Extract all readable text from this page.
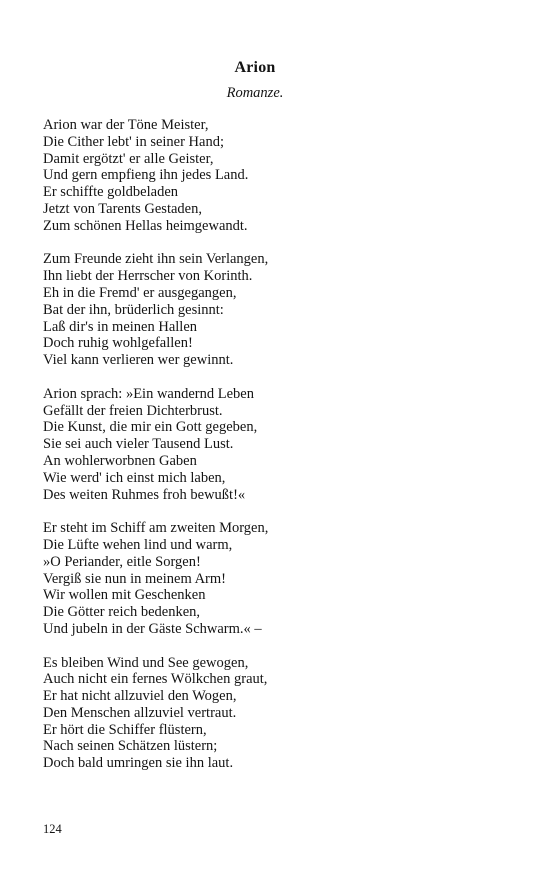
Arion
Romanze.
Arion war der Töne Meister,
Die Cither lebt' in seiner Hand;
Damit ergötzt' er alle Geister,
Und gern empfieng ihn jedes Land.
Er schiffte goldbeladen
Jetzt von Tarents Gestaden,
Zum schönen Hellas heimgewandt.
Zum Freunde zieht ihn sein Verlangen,
Ihn liebt der Herrscher von Korinth.
Eh in die Fremd' er ausgegangen,
Bat der ihn, brüderlich gesinnt:
Laß dir's in meinen Hallen
Doch ruhig wohlgefallen!
Viel kann verlieren wer gewinnt.
Arion sprach: »Ein wandernd Leben
Gefällt der freien Dichterbrust.
Die Kunst, die mir ein Gott gegeben,
Sie sei auch vieler Tausend Lust.
An wohlerworbnen Gaben
Wie werd' ich einst mich laben,
Des weiten Ruhmes froh bewußt!«
Er steht im Schiff am zweiten Morgen,
Die Lüfte wehen lind und warm,
»O Periander, eitle Sorgen!
Vergiß sie nun in meinem Arm!
Wir wollen mit Geschenken
Die Götter reich bedenken,
Und jubeln in der Gäste Schwarm.« –
Es bleiben Wind und See gewogen,
Auch nicht ein fernes Wölkchen graut,
Er hat nicht allzuviel den Wogen,
Den Menschen allzuviel vertraut.
Er hört die Schiffer flüstern,
Nach seinen Schätzen lüstern;
Doch bald umringen sie ihn laut.
124
